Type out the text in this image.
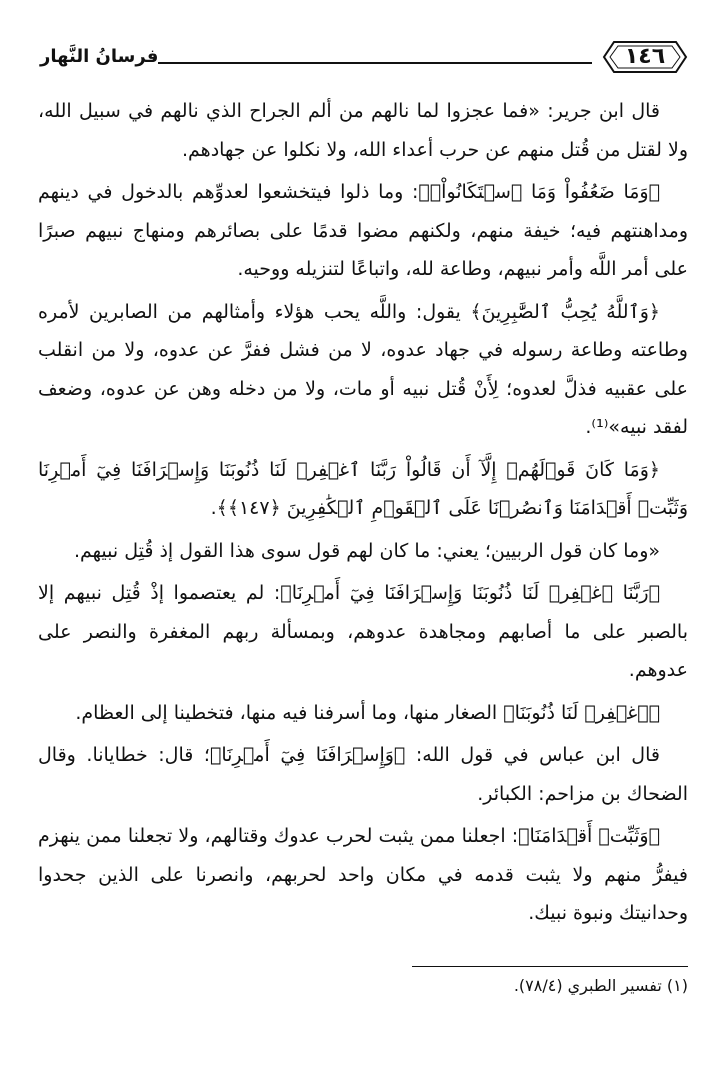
١٤٦
فرسانُ النَّهار

قال ابن جرير: «فما عجزوا لما نالهم من ألم الجراح الذي نالهم في سبيل الله، ولا لقتل من قُتل منهم عن حرب أعداء الله، ولا نكلوا عن جهادهم.

﴿وَمَا ضَعُفُواْ وَمَا ٱسۡتَكَانُواْۗ﴾: وما ذلوا فيتخشعوا لعدوِّهم بالدخول في دينهم ومداهنتهم فيه؛ خيفة منهم، ولكنهم مضوا قدمًا على بصائرهم ومنهاج نبيهم صبرًا على أمر اللَّه وأمر نبيهم، وطاعة لله، واتباعًا لتنزيله ووحيه.

﴿وَٱللَّهُ يُحِبُّ ٱلصَّٰبِرِينَ﴾ يقول: واللَّه يحب هؤلاء وأمثالهم من الصابرين لأمره وطاعته وطاعة رسوله في جهاد عدوه، لا من فشل ففرَّ عن عدوه، ولا من انقلب على عقبيه فذلَّ لعدوه؛ لِأَنْ قُتل نبيه أو مات، ولا من دخله وهن عن عدوه، وضعف لفقد نبيه»⁽¹⁾.

﴿وَمَا كَانَ قَوۡلَهُمۡ إِلَّآ أَن قَالُواْ رَبَّنَا ٱغۡفِرۡ لَنَا ذُنُوبَنَا وَإِسۡرَافَنَا فِيٓ أَمۡرِنَا وَثَبِّتۡ أَقۡدَامَنَا وَٱنصُرۡنَا عَلَى ٱلۡقَوۡمِ ٱلۡكَٰفِرِينَ ﴿١٤٧﴾﴾.

«وما كان قول الربيين؛ يعني: ما كان لهم قول سوى هذا القول إذ قُتِل نبيهم.

﴿رَبَّنَا ٱغۡفِرۡ لَنَا ذُنُوبَنَا وَإِسۡرَافَنَا فِيٓ أَمۡرِنَا﴾: لم يعتصموا إذْ قُتِل نبيهم إلا بالصبر على ما أصابهم ومجاهدة عدوهم، وبمسألة ربهم المغفرة والنصر على عدوهم.

﴿ٱغۡفِرۡ لَنَا ذُنُوبَنَا﴾ الصغار منها، وما أسرفنا فيه منها، فتخطينا إلى العظام.

قال ابن عباس في قول الله: ﴿وَإِسۡرَافَنَا فِيٓ أَمۡرِنَا﴾؛ قال: خطايانا. وقال الضحاك بن مزاحم: الكبائر.

﴿وَثَبِّتۡ أَقۡدَامَنَا﴾: اجعلنا ممن يثبت لحرب عدوك وقتالهم، ولا تجعلنا ممن ينهزم فيفرُّ منهم ولا يثبت قدمه في مكان واحد لحربهم، وانصرنا على الذين جحدوا وحدانيتك ونبوة نبيك.

(١) تفسير الطبري (٧٨/٤).
